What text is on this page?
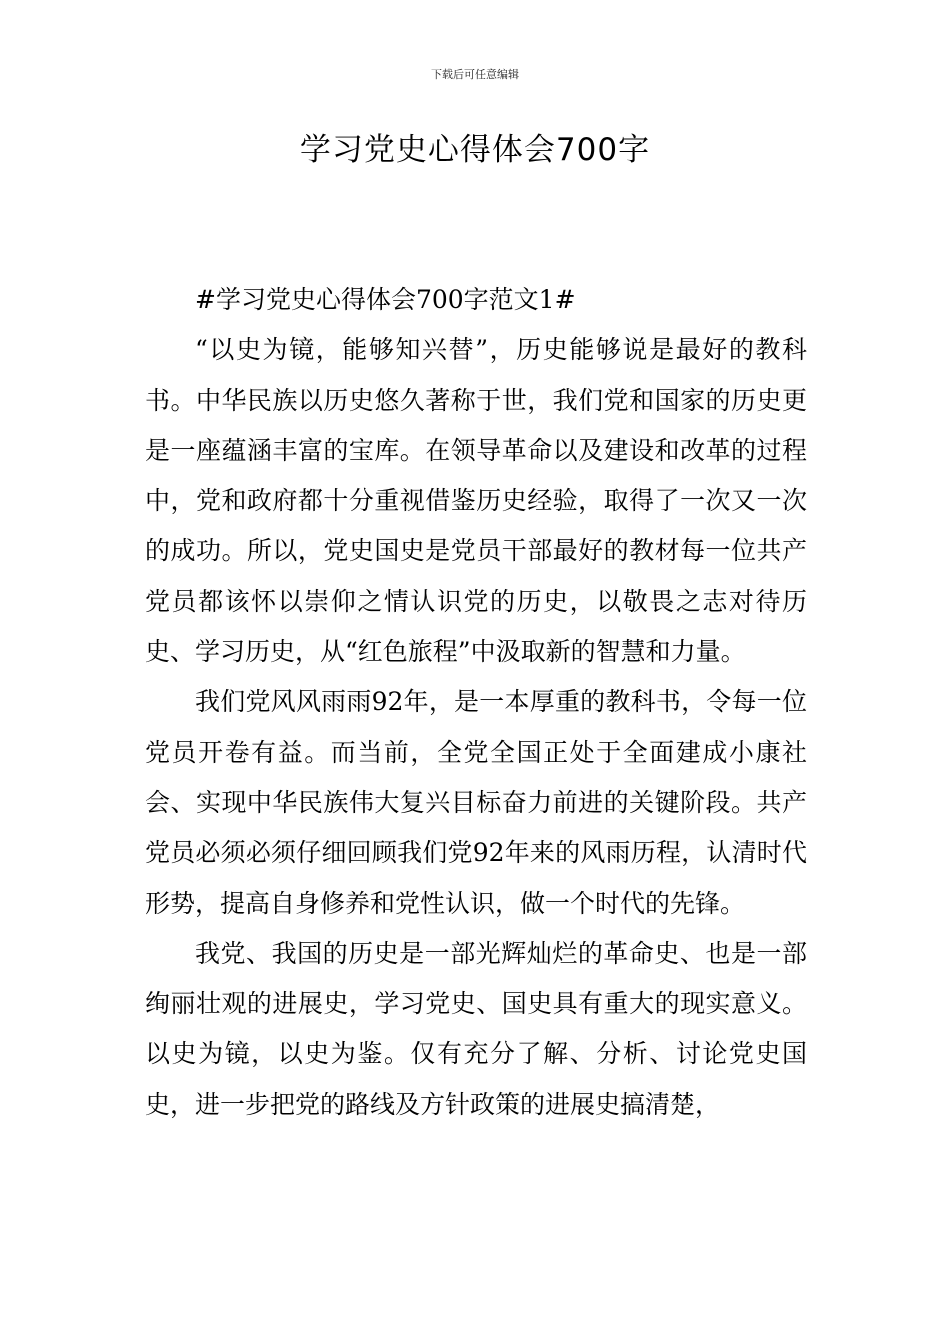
下载后可任意编辑
学习党史心得体会700字

#学习党史心得体会700字范文1#

“以史为镜，能够知兴替”，历史能够说是最好的教科书。中华民族以历史悠久著称于世，我们党和国家的历史更是一座蕴涵丰富的宝库。在领导革命以及建设和改革的过程中，党和政府都十分重视借鉴历史经验，取得了一次又一次的成功。所以，党史国史是党员干部最好的教材每一位共产党员都该怀以崇仰之情认识党的历史，以敬畏之志对待历史、学习历史，从“红色旅程”中汲取新的智慧和力量。

我们党风风雨雨92年，是一本厚重的教科书，令每一位党员开卷有益。而当前，全党全国正处于全面建成小康社会、实现中华民族伟大复兴目标奋力前进的关键阶段。共产党员必须必须仔细回顾我们党92年来的风雨历程，认清时代形势，提高自身修养和党性认识，做一个时代的先锋。

我党、我国的历史是一部光辉灿烂的革命史、也是一部绚丽壮观的进展史，学习党史、国史具有重大的现实意义。以史为镜，以史为鉴。仅有充分了解、分析、讨论党史国史，进一步把党的路线及方针政策的进展史搞清楚，
